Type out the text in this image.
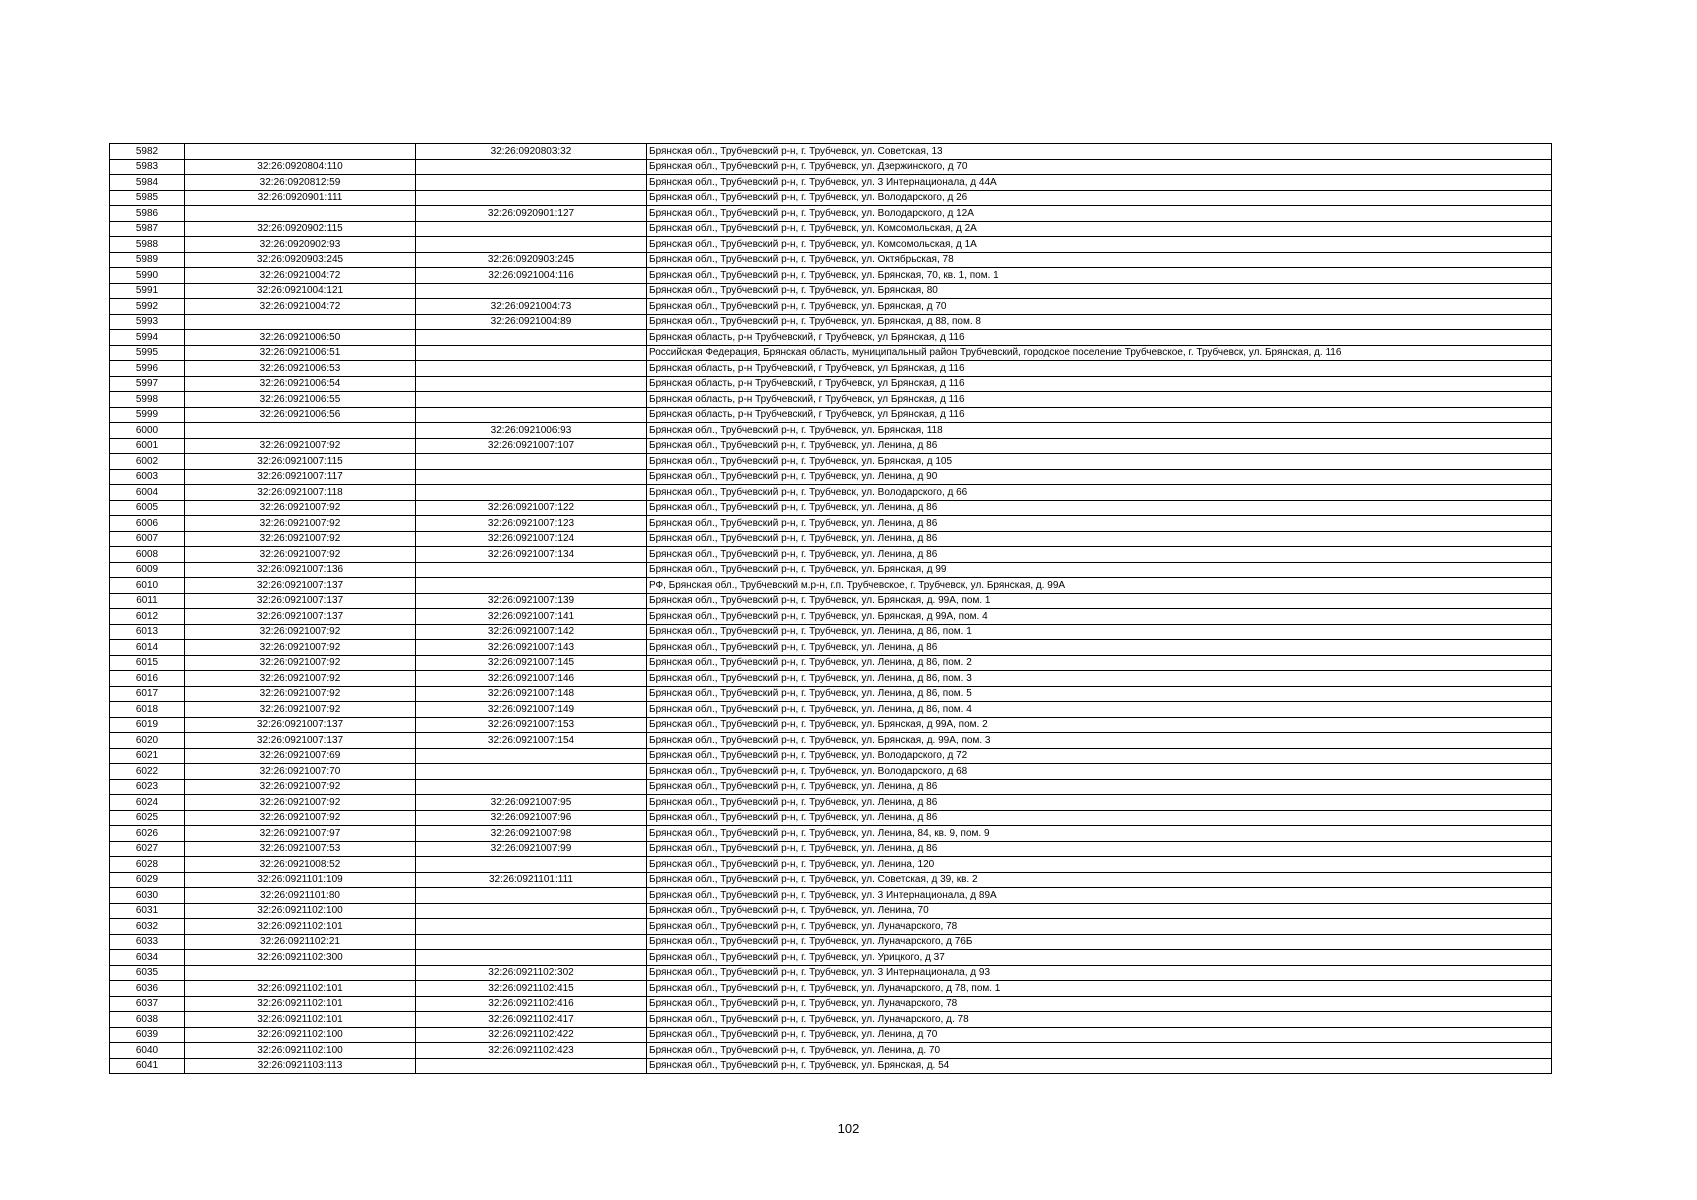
5982		32:26:0920803:32	Брянская обл., Трубчевский р-н, г. Трубчевск, ул. Советская, 13
5983	32:26:0920804:110		Брянская обл., Трубчевский р-н, г. Трубчевск, ул. Дзержинского, д 70
5984	32:26:0920812:59		Брянская обл., Трубчевский р-н, г. Трубчевск, ул. 3 Интернационала, д 44А
5985	32:26:0920901:111		Брянская обл., Трубчевский р-н, г. Трубчевск, ул. Володарского, д 26
5986		32:26:0920901:127	Брянская обл., Трубчевский р-н, г. Трубчевск, ул. Володарского, д 12А
5987	32:26:0920902:115		Брянская обл., Трубчевский р-н, г. Трубчевск, ул. Комсомольская, д 2А
5988	32:26:0920902:93		Брянская обл., Трубчевский р-н, г. Трубчевск, ул. Комсомольская, д 1А
5989	32:26:0920903:245	32:26:0920903:245	Брянская обл., Трубчевский р-н, г. Трубчевск, ул. Октябрьская, 78
5990	32:26:0921004:72	32:26:0921004:116	Брянская обл., Трубчевский р-н, г. Трубчевск, ул. Брянская, 70, кв. 1, пом. 1
5991	32:26:0921004:121		Брянская обл., Трубчевский р-н, г. Трубчевск, ул. Брянская, 80
5992	32:26:0921004:72	32:26:0921004:73	Брянская обл., Трубчевский р-н, г. Трубчевск, ул. Брянская, д 70
5993		32:26:0921004:89	Брянская обл., Трубчевский р-н, г. Трубчевск, ул. Брянская, д 88, пом. 8
5994	32:26:0921006:50		Брянская область, р-н Трубчевский, г Трубчевск, ул Брянская, д 116
5995	32:26:0921006:51		Российская Федерация, Брянская область, муниципальный район Трубчевский, городское поселение Трубчевское, г. Трубчевск, ул. Брянская, д. 116
5996	32:26:0921006:53		Брянская область, р-н Трубчевский, г Трубчевск, ул Брянская, д 116
5997	32:26:0921006:54		Брянская область, р-н Трубчевский, г Трубчевск, ул Брянская, д 116
5998	32:26:0921006:55		Брянская область, р-н Трубчевский, г Трубчевск, ул Брянская, д 116
5999	32:26:0921006:56		Брянская область, р-н Трубчевский, г Трубчевск, ул Брянская, д 116
6000		32:26:0921006:93	Брянская обл., Трубчевский р-н, г. Трубчевск, ул. Брянская, 118
6001	32:26:0921007:92	32:26:0921007:107	Брянская обл., Трубчевский р-н, г. Трубчевск, ул. Ленина, д 86
6002	32:26:0921007:115		Брянская обл., Трубчевский р-н, г. Трубчевск, ул. Брянская, д 105
6003	32:26:0921007:117		Брянская обл., Трубчевский р-н, г. Трубчевск, ул. Ленина, д 90
6004	32:26:0921007:118		Брянская обл., Трубчевский р-н, г. Трубчевск, ул. Володарского, д 66
6005	32:26:0921007:92	32:26:0921007:122	Брянская обл., Трубчевский р-н, г. Трубчевск, ул. Ленина, д 86
6006	32:26:0921007:92	32:26:0921007:123	Брянская обл., Трубчевский р-н, г. Трубчевск, ул. Ленина, д 86
6007	32:26:0921007:92	32:26:0921007:124	Брянская обл., Трубчевский р-н, г. Трубчевск, ул. Ленина, д 86
6008	32:26:0921007:92	32:26:0921007:134	Брянская обл., Трубчевский р-н, г. Трубчевск, ул. Ленина, д 86
6009	32:26:0921007:136		Брянская обл., Трубчевский р-н, г. Трубчевск, ул. Брянская, д 99
6010	32:26:0921007:137		РФ, Брянская обл., Трубчевский м.р-н, г.п. Трубчевское, г. Трубчевск, ул. Брянская, д. 99А
6011	32:26:0921007:137	32:26:0921007:139	Брянская обл., Трубчевский р-н, г. Трубчевск, ул. Брянская, д. 99А, пом. 1
6012	32:26:0921007:137	32:26:0921007:141	Брянская обл., Трубчевский р-н, г. Трубчевск, ул. Брянская, д 99А, пом. 4
6013	32:26:0921007:92	32:26:0921007:142	Брянская обл., Трубчевский р-н, г. Трубчевск, ул. Ленина, д 86, пом. 1
6014	32:26:0921007:92	32:26:0921007:143	Брянская обл., Трубчевский р-н, г. Трубчевск, ул. Ленина, д 86
6015	32:26:0921007:92	32:26:0921007:145	Брянская обл., Трубчевский р-н, г. Трубчевск, ул. Ленина, д 86, пом. 2
6016	32:26:0921007:92	32:26:0921007:146	Брянская обл., Трубчевский р-н, г. Трубчевск, ул. Ленина, д 86, пом. 3
6017	32:26:0921007:92	32:26:0921007:148	Брянская обл., Трубчевский р-н, г. Трубчевск, ул. Ленина, д 86, пом. 5
6018	32:26:0921007:92	32:26:0921007:149	Брянская обл., Трубчевский р-н, г. Трубчевск, ул. Ленина, д 86, пом. 4
6019	32:26:0921007:137	32:26:0921007:153	Брянская обл., Трубчевский р-н, г. Трубчевск, ул. Брянская, д 99А, пом. 2
6020	32:26:0921007:137	32:26:0921007:154	Брянская обл., Трубчевский р-н, г. Трубчевск, ул. Брянская, д. 99А, пом. 3
6021	32:26:0921007:69		Брянская обл., Трубчевский р-н, г. Трубчевск, ул. Володарского, д 72
6022	32:26:0921007:70		Брянская обл., Трубчевский р-н, г. Трубчевск, ул. Володарского, д 68
6023	32:26:0921007:92		Брянская обл., Трубчевский р-н, г. Трубчевск, ул. Ленина, д 86
6024	32:26:0921007:92	32:26:0921007:95	Брянская обл., Трубчевский р-н, г. Трубчевск, ул. Ленина, д 86
6025	32:26:0921007:92	32:26:0921007:96	Брянская обл., Трубчевский р-н, г. Трубчевск, ул. Ленина, д 86
6026	32:26:0921007:97	32:26:0921007:98	Брянская обл., Трубчевский р-н, г. Трубчевск, ул. Ленина, 84, кв. 9, пом. 9
6027	32:26:0921007:53	32:26:0921007:99	Брянская обл., Трубчевский р-н, г. Трубчевск, ул. Ленина, д 86
6028	32:26:0921008:52		Брянская обл., Трубчевский р-н, г. Трубчевск, ул. Ленина, 120
6029	32:26:0921101:109	32:26:0921101:111	Брянская обл., Трубчевский р-н, г. Трубчевск, ул. Советская, д 39, кв. 2
6030	32:26:0921101:80		Брянская обл., Трубчевский р-н, г. Трубчевск, ул. 3 Интернационала, д 89А
6031	32:26:0921102:100		Брянская обл., Трубчевский р-н, г. Трубчевск, ул. Ленина, 70
6032	32:26:0921102:101		Брянская обл., Трубчевский р-н, г. Трубчевск, ул. Луначарского, 78
6033	32:26:0921102:21		Брянская обл., Трубчевский р-н, г. Трубчевск, ул. Луначарского, д 76Б
6034	32:26:0921102:300		Брянская обл., Трубчевский р-н, г. Трубчевск, ул. Урицкого, д 37
6035		32:26:0921102:302	Брянская обл., Трубчевский р-н, г. Трубчевск, ул. 3 Интернационала, д 93
6036	32:26:0921102:101	32:26:0921102:415	Брянская обл., Трубчевский р-н, г. Трубчевск, ул. Луначарского, д 78, пом. 1
6037	32:26:0921102:101	32:26:0921102:416	Брянская обл., Трубчевский р-н, г. Трубчевск, ул. Луначарского, 78
6038	32:26:0921102:101	32:26:0921102:417	Брянская обл., Трубчевский р-н, г. Трубчевск, ул. Луначарского, д. 78
6039	32:26:0921102:100	32:26:0921102:422	Брянская обл., Трубчевский р-н, г. Трубчевск, ул. Ленина, д 70
6040	32:26:0921102:100	32:26:0921102:423	Брянская обл., Трубчевский р-н, г. Трубчевск, ул. Ленина, д. 70
6041	32:26:0921103:113		Брянская обл., Трубчевский р-н, г. Трубчевск, ул. Брянская, д. 54
102
